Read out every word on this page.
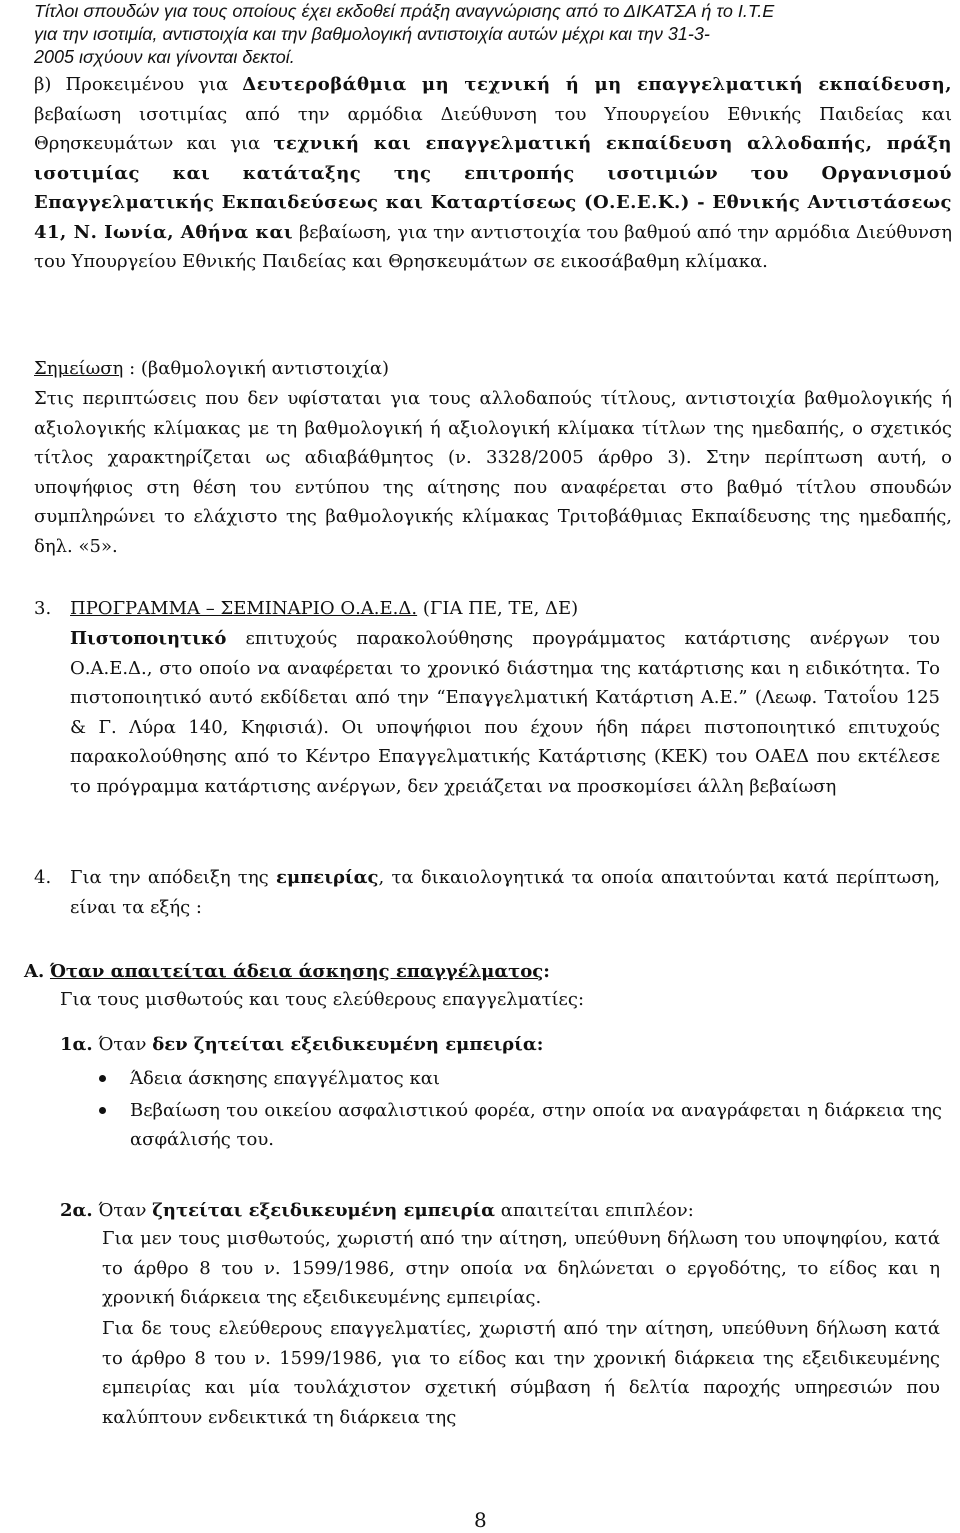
Τίτλοι σπουδών για τους οποίους έχει εκδοθεί πράξη αναγνώρισης από το ΔΙΚΑΤΣΑ ή το Ι.Τ.Ε
για την ισοτιμία, αντιστοιχία και την βαθμολογική αντιστοιχία αυτών μέχρι και την 31-3-
2005 ισχύουν και γίνονται δεκτοί.

β) Προκειμένου για Δευτεροβάθμια μη τεχνική ή μη επαγγελματική εκπαίδευση, βεβαίωση ισοτιμίας από την αρμόδια Διεύθυνση του Υπουργείου Εθνικής Παιδείας και Θρησκευμάτων και για τεχνική και επαγγελματική εκπαίδευση αλλοδαπής, πράξη ισοτιμίας και κατάταξης της επιτροπής ισοτιμιών του Οργανισμού Επαγγελματικής Εκπαιδεύσεως και Καταρτίσεως (Ο.Ε.Ε.Κ.) - Εθνικής Αντιστάσεως 41, Ν. Ιωνία, Αθήνα και βεβαίωση, για την αντιστοιχία του βαθμού από την αρμόδια Διεύθυνση του Υπουργείου Εθνικής Παιδείας και Θρησκευμάτων σε εικοσάβαθμη κλίμακα.

Σημείωση : (βαθμολογική αντιστοιχία)

Στις περιπτώσεις που δεν υφίσταται για τους αλλοδαπούς τίτλους, αντιστοιχία βαθμολογικής ή αξιολογικής κλίμακας με τη βαθμολογική ή αξιολογική κλίμακα τίτλων της ημεδαπής, ο σχετικός τίτλος χαρακτηρίζεται ως αδιαβάθμητος (ν. 3328/2005 άρθρο 3). Στην περίπτωση αυτή, ο υποψήφιος στη θέση του εντύπου της αίτησης που αναφέρεται στο βαθμό τίτλου σπουδών συμπληρώνει το ελάχιστο της βαθμολογικής κλίμακας Τριτοβάθμιας Εκπαίδευσης της ημεδαπής, δηλ. «5».

3. ΠΡΟΓΡΑΜΜΑ – ΣΕΜΙΝΑΡΙΟ Ο.Α.Ε.Δ. (ΓΙΑ ΠΕ, ΤΕ, ΔΕ)

Πιστοποιητικό επιτυχούς παρακολούθησης προγράμματος κατάρτισης ανέργων του Ο.Α.Ε.Δ., στο οποίο να αναφέρεται το χρονικό διάστημα της κατάρτισης και η ειδικότητα. Το πιστοποιητικό αυτό εκδίδεται από την “Επαγγελματική Κατάρτιση Α.Ε.” (Λεωφ. Τατοΐου 125 & Γ. Λύρα 140, Κηφισιά). Οι υποψήφιοι που έχουν ήδη πάρει πιστοποιητικό επιτυχούς παρακολούθησης από το Κέντρο Επαγγελματικής Κατάρτισης (ΚΕΚ) του ΟΑΕΔ που εκτέλεσε το πρόγραμμα κατάρτισης ανέργων, δεν χρειάζεται να προσκομίσει άλλη βεβαίωση

4. Για την απόδειξη της εμπειρίας, τα δικαιολογητικά τα οποία απαιτούνται κατά περίπτωση, είναι τα εξής :

Α. Όταν απαιτείται άδεια άσκησης επαγγέλματος:

Για τους μισθωτούς και τους ελεύθερους επαγγελματίες:

1α. Όταν δεν ζητείται εξειδικευμένη εμπειρία:

Άδεια άσκησης επαγγέλματος και
Βεβαίωση του οικείου ασφαλιστικού φορέα, στην οποία να αναγράφεται η διάρκεια της ασφάλισής του.

2α. Όταν ζητείται εξειδικευμένη εμπειρία απαιτείται επιπλέον:

Για μεν τους μισθωτούς, χωριστή από την αίτηση, υπεύθυνη δήλωση του υποψηφίου, κατά το άρθρο 8 του ν. 1599/1986, στην οποία να δηλώνεται ο εργοδότης, το είδος και η χρονική διάρκεια της εξειδικευμένης εμπειρίας.

Για δε τους ελεύθερους επαγγελματίες, χωριστή από την αίτηση, υπεύθυνη δήλωση κατά το άρθρο 8 του ν. 1599/1986, για το είδος και την χρονική διάρκεια της εξειδικευμένης εμπειρίας και μία τουλάχιστον σχετική σύμβαση ή δελτία παροχής υπηρεσιών που καλύπτουν ενδεικτικά τη διάρκεια της

8
